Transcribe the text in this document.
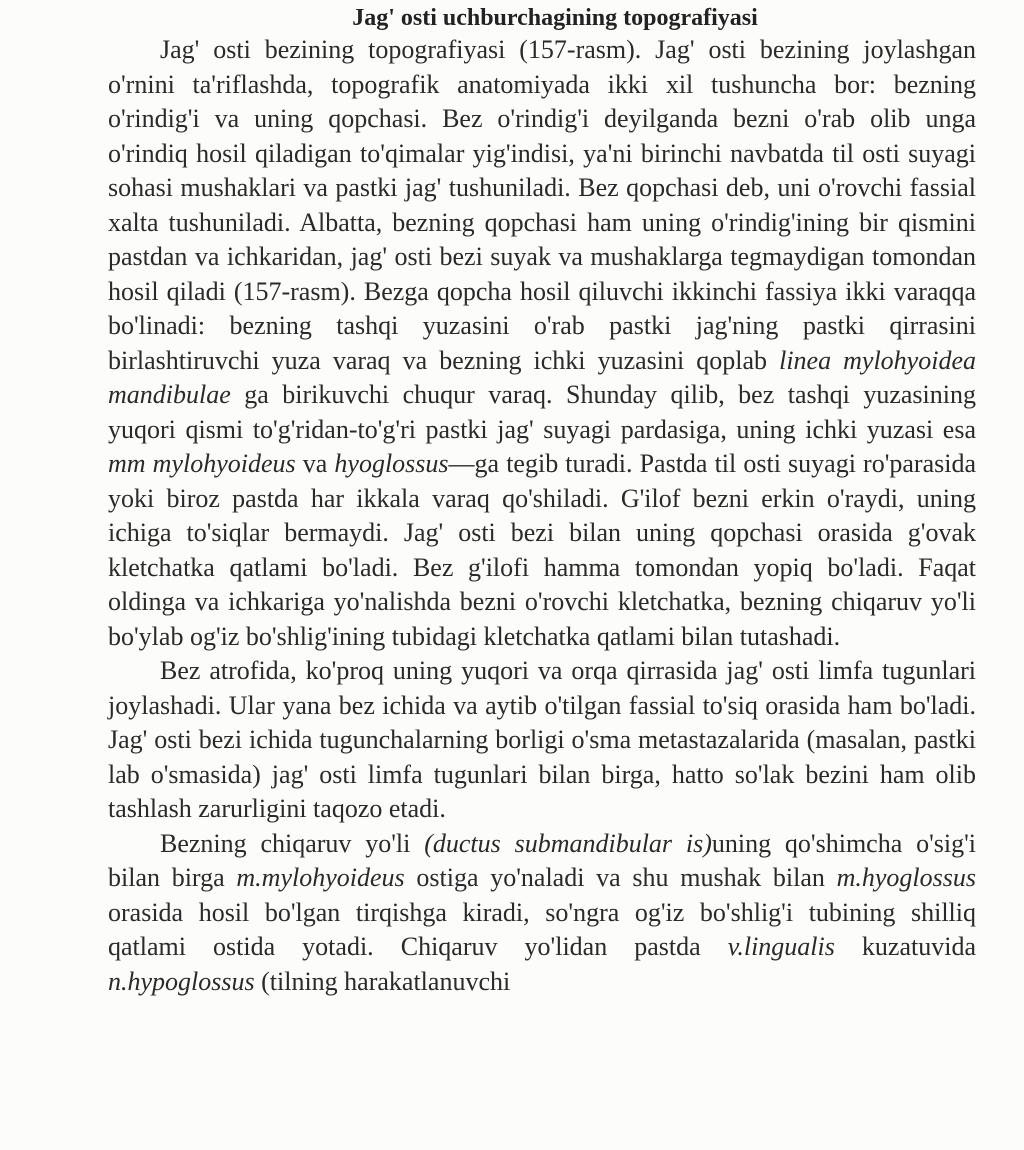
Jag' osti uchburchagining topografiyasi

Jag' osti bezining topografiyasi (157-rasm). Jag' osti bezining joylashgan o'rnini ta'riflashda, topografik anatomiyada ikki xil tushuncha bor: bezning o'rindig'i va uning qopchasi. Bez o'rindig'i deyilganda bezni o'rab olib unga o'rindiq hosil qiladigan to'qimalar yig'indisi, ya'ni birinchi navbatda til osti suyagi sohasi mushaklari va pastki jag' tushuniladi. Bez qopchasi deb, uni o'rovchi fassial xalta tushuniladi. Albatta, bezning qopchasi ham uning o'rindig'ining bir qismini pastdan va ichkaridan, jag' osti bezi suyak va mushaklarga tegmaydigan tomondan hosil qiladi (157-rasm). Bezga qopcha hosil qiluvchi ikkinchi fassiya ikki varaqqa bo'linadi: bezning tashqi yuzasini o'rab pastki jag'ning pastki qirrasini birlashtiruvchi yuza varaq va bezning ichki yuzasini qoplab linea mylohyoidea mandibulae ga birikuvchi chuqur varaq. Shunday qilib, bez tashqi yuzasining yuqori qismi to'g'ridan-to'g'ri pastki jag' suyagi pardasiga, uning ichki yuzasi esa mm mylohyoideus va hyoglossus—ga tegib turadi. Pastda til osti suyagi ro'parasida yoki biroz pastda har ikkala varaq qo'shiladi. G'ilof bezni erkin o'raydi, uning ichiga to'siqlar bermaydi. Jag' osti bezi bilan uning qopchasi orasida g'ovak kletchatka qatlami bo'ladi. Bez g'ilofi hamma tomondan yopiq bo'ladi. Faqat oldinga va ichkariga yo'nalishda bezni o'rovchi kletchatka, bezning chiqaruv yo'li bo'ylab og'iz bo'shlig'ining tubidagi kletchatka qatlami bilan tutashadi.

Bez atrofida, ko'proq uning yuqori va orqa qirrasida jag' osti limfa tugunlari joylashadi. Ular yana bez ichida va aytib o'tilgan fassial to'siq orasida ham bo'ladi. Jag' osti bezi ichida tugunchalarning borligi o'sma metastazalarida (masalan, pastki lab o'smasida) jag' osti limfa tugunlari bilan birga, hatto so'lak bezini ham olib tashlash zarurligini taqozo etadi.

Bezning chiqaruv yo'li (ductus submandibular is)uning qo'shimcha o'sig'i bilan birga m.mylohyoideus ostiga yo'naladi va shu mushak bilan m.hyoglossus orasida hosil bo'lgan tirqishga kiradi, so'ngra og'iz bo'shlig'i tubining shilliq qatlami ostida yotadi. Chiqaruv yo'lidan pastda v.lingualis kuzatuvida n.hypoglossus (tilning harakatlanuvchi
